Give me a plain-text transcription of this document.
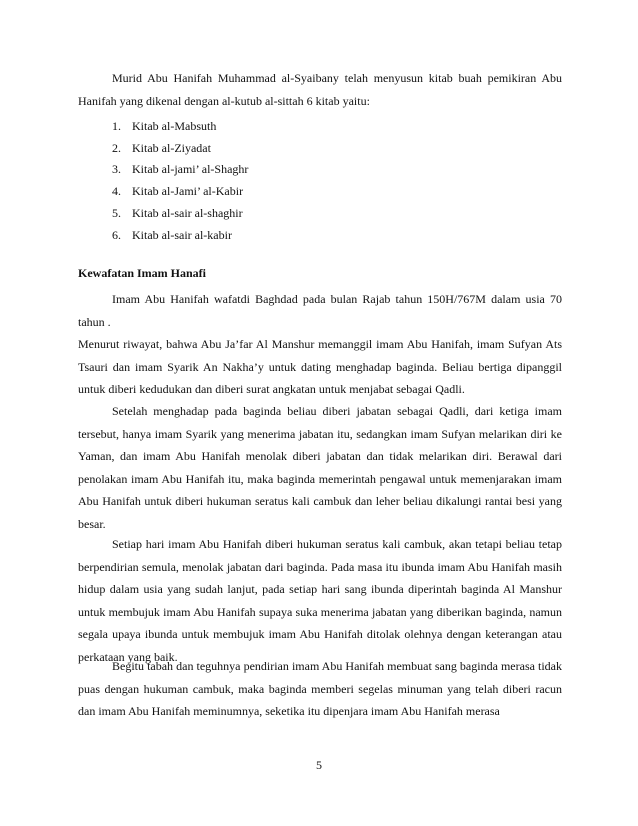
Murid Abu Hanifah Muhammad al-Syaibany telah menyusun kitab buah pemikiran Abu Hanifah yang dikenal dengan al-kutub al-sittah 6 kitab yaitu:

1. Kitab al-Mabsuth
2. Kitab al-Ziyadat
3. Kitab al-jami’ al-Shaghr
4. Kitab al-Jami’ al-Kabir
5. Kitab al-sair al-shaghir
6. Kitab al-sair al-kabir
Kewafatan Imam Hanafi

Imam Abu Hanifah wafatdi Baghdad pada bulan Rajab tahun 150H/767M dalam usia 70 tahun .

Menurut riwayat, bahwa Abu Ja’far Al Manshur memanggil imam Abu Hanifah, imam Sufyan Ats Tsauri dan imam Syarik An Nakha’y untuk dating menghadap baginda. Beliau bertiga dipanggil untuk diberi kedudukan dan diberi surat angkatan untuk menjabat sebagai Qadli.

Setelah menghadap pada baginda beliau diberi jabatan sebagai Qadli, dari ketiga imam tersebut, hanya imam Syarik yang menerima jabatan itu, sedangkan imam Sufyan melarikan diri ke Yaman, dan imam Abu Hanifah menolak diberi jabatan dan tidak melarikan diri. Berawal dari penolakan imam Abu Hanifah itu, maka baginda memerintah pengawal untuk memenjarakan imam Abu Hanifah untuk diberi hukuman seratus kali cambuk dan leher beliau dikalungi rantai besi yang besar.

Setiap hari imam Abu Hanifah diberi hukuman seratus kali cambuk, akan tetapi beliau tetap berpendirian semula, menolak jabatan dari baginda. Pada masa itu ibunda imam Abu Hanifah masih hidup dalam usia yang sudah lanjut, pada setiap hari sang ibunda diperintah baginda Al Manshur untuk membujuk imam Abu Hanifah supaya suka menerima jabatan yang diberikan baginda, namun segala upaya ibunda untuk membujuk imam Abu Hanifah ditolak olehnya dengan keterangan atau perkataan yang baik.

Begitu tabah dan teguhnya pendirian imam Abu Hanifah membuat sang baginda merasa tidak puas dengan hukuman cambuk, maka baginda memberi segelas minuman yang telah diberi racun dan imam Abu Hanifah meminumnya, seketika itu dipenjara imam Abu Hanifah merasa

5
